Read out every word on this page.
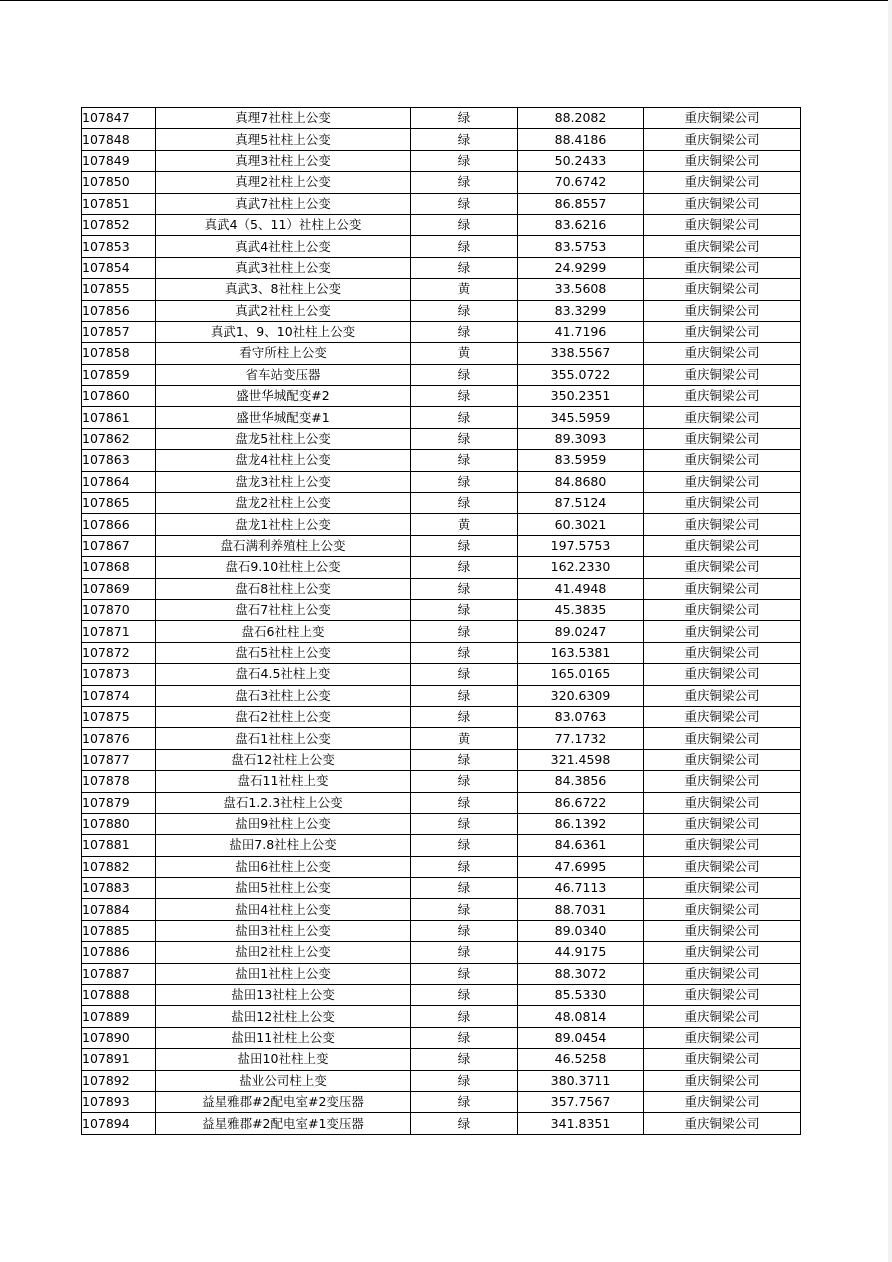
107847	真理7社柱上公变	绿	88.2082	重庆铜梁公司
107848	真理5社柱上公变	绿	88.4186	重庆铜梁公司
107849	真理3社柱上公变	绿	50.2433	重庆铜梁公司
107850	真理2社柱上公变	绿	70.6742	重庆铜梁公司
107851	真武7社柱上公变	绿	86.8557	重庆铜梁公司
107852	真武4（5、11）社柱上公变	绿	83.6216	重庆铜梁公司
107853	真武4社柱上公变	绿	83.5753	重庆铜梁公司
107854	真武3社柱上公变	绿	24.9299	重庆铜梁公司
107855	真武3、8社柱上公变	黄	33.5608	重庆铜梁公司
107856	真武2社柱上公变	绿	83.3299	重庆铜梁公司
107857	真武1、9、10社柱上公变	绿	41.7196	重庆铜梁公司
107858	看守所柱上公变	黄	338.5567	重庆铜梁公司
107859	省车站变压器	绿	355.0722	重庆铜梁公司
107860	盛世华城配变#2	绿	350.2351	重庆铜梁公司
107861	盛世华城配变#1	绿	345.5959	重庆铜梁公司
107862	盘龙5社柱上公变	绿	89.3093	重庆铜梁公司
107863	盘龙4社柱上公变	绿	83.5959	重庆铜梁公司
107864	盘龙3社柱上公变	绿	84.8680	重庆铜梁公司
107865	盘龙2社柱上公变	绿	87.5124	重庆铜梁公司
107866	盘龙1社柱上公变	黄	60.3021	重庆铜梁公司
107867	盘石满利养殖柱上公变	绿	197.5753	重庆铜梁公司
107868	盘石9.10社柱上公变	绿	162.2330	重庆铜梁公司
107869	盘石8社柱上公变	绿	41.4948	重庆铜梁公司
107870	盘石7社柱上公变	绿	45.3835	重庆铜梁公司
107871	盘石6社柱上变	绿	89.0247	重庆铜梁公司
107872	盘石5社柱上公变	绿	163.5381	重庆铜梁公司
107873	盘石4.5社柱上变	绿	165.0165	重庆铜梁公司
107874	盘石3社柱上公变	绿	320.6309	重庆铜梁公司
107875	盘石2社柱上公变	绿	83.0763	重庆铜梁公司
107876	盘石1社柱上公变	黄	77.1732	重庆铜梁公司
107877	盘石12社柱上公变	绿	321.4598	重庆铜梁公司
107878	盘石11社柱上变	绿	84.3856	重庆铜梁公司
107879	盘石1.2.3社柱上公变	绿	86.6722	重庆铜梁公司
107880	盐田9社柱上公变	绿	86.1392	重庆铜梁公司
107881	盐田7.8社柱上公变	绿	84.6361	重庆铜梁公司
107882	盐田6社柱上公变	绿	47.6995	重庆铜梁公司
107883	盐田5社柱上公变	绿	46.7113	重庆铜梁公司
107884	盐田4社柱上公变	绿	88.7031	重庆铜梁公司
107885	盐田3社柱上公变	绿	89.0340	重庆铜梁公司
107886	盐田2社柱上公变	绿	44.9175	重庆铜梁公司
107887	盐田1社柱上公变	绿	88.3072	重庆铜梁公司
107888	盐田13社柱上公变	绿	85.5330	重庆铜梁公司
107889	盐田12社柱上公变	绿	48.0814	重庆铜梁公司
107890	盐田11社柱上公变	绿	89.0454	重庆铜梁公司
107891	盐田10社柱上变	绿	46.5258	重庆铜梁公司
107892	盐业公司柱上变	绿	380.3711	重庆铜梁公司
107893	益星雅郡#2配电室#2变压器	绿	357.7567	重庆铜梁公司
107894	益星雅郡#2配电室#1变压器	绿	341.8351	重庆铜梁公司
